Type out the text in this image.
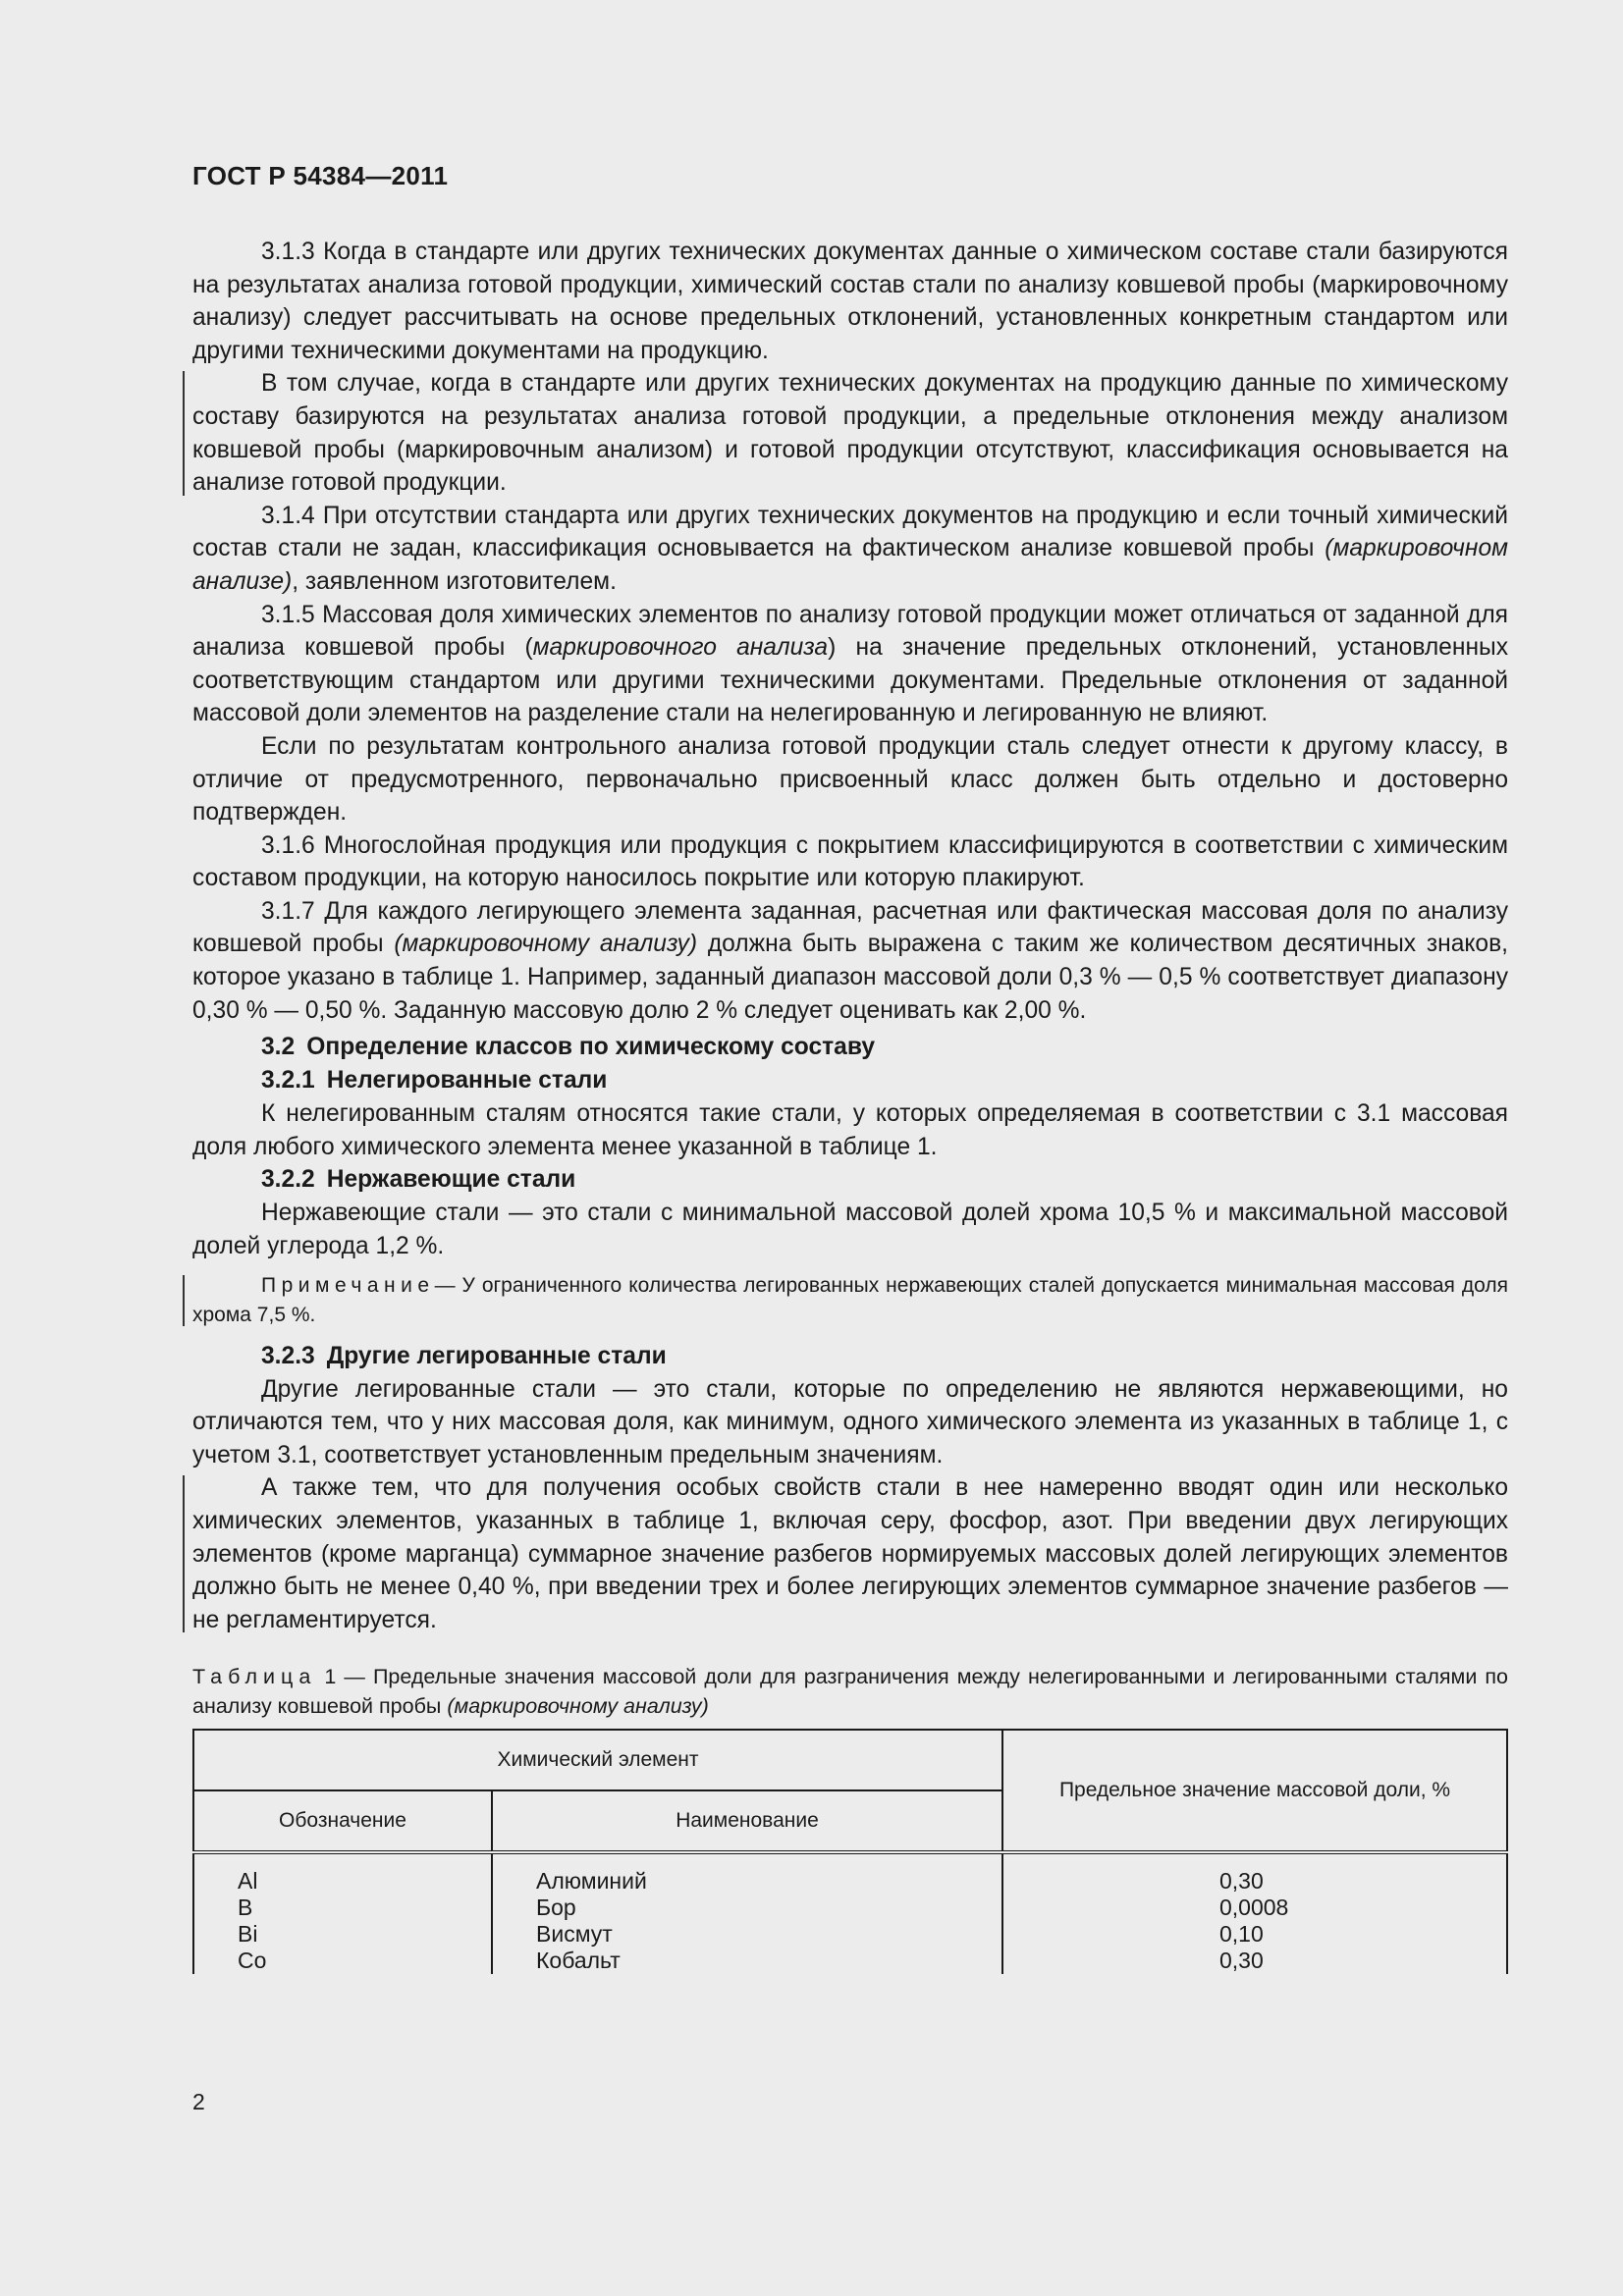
ГОСТ Р 54384—2011

3.1.3 Когда в стандарте или других технических документах данные о химическом составе стали базируются на результатах анализа готовой продукции, химический состав стали по анализу ковшевой пробы (маркировочному анализу) следует рассчитывать на основе предельных отклонений, установленных конкретным стандартом или другими техническими документами на продукцию.

В том случае, когда в стандарте или других технических документах на продукцию данные по химическому составу базируются на результатах анализа готовой продукции, а предельные отклонения между анализом ковшевой пробы (маркировочным анализом) и готовой продукции отсутствуют, классификация основывается на анализе готовой продукции.

3.1.4 При отсутствии стандарта или других технических документов на продукцию и если точный химический состав стали не задан, классификация основывается на фактическом анализе ковшевой пробы (маркировочном анализе), заявленном изготовителем.

3.1.5 Массовая доля химических элементов по анализу готовой продукции может отличаться от заданной для анализа ковшевой пробы (маркировочного анализа) на значение предельных отклонений, установленных соответствующим стандартом или другими техническими документами. Предельные отклонения от заданной массовой доли элементов на разделение стали на нелегированную и легированную не влияют.

Если по результатам контрольного анализа готовой продукции сталь следует отнести к другому классу, в отличие от предусмотренного, первоначально присвоенный класс должен быть отдельно и достоверно подтвержден.

3.1.6 Многослойная продукция или продукция с покрытием классифицируются в соответствии с химическим составом продукции, на которую наносилось покрытие или которую плакируют.

3.1.7 Для каждого легирующего элемента заданная, расчетная или фактическая массовая доля по анализу ковшевой пробы (маркировочному анализу) должна быть выражена с таким же количеством десятичных знаков, которое указано в таблице 1. Например, заданный диапазон массовой доли 0,3 % — 0,5 % соответствует диапазону 0,30 % — 0,50 %. Заданную массовую долю 2 % следует оценивать как 2,00 %.

3.2 Определение классов по химическому составу
3.2.1 Нелегированные стали

К нелегированным сталям относятся такие стали, у которых определяемая в соответствии с 3.1 массовая доля любого химического элемента менее указанной в таблице 1.

3.2.2 Нержавеющие стали

Нержавеющие стали — это стали с минимальной массовой долей хрома 10,5 % и максимальной массовой долей углерода 1,2 %.

Примечание— У ограниченного количества легированных нержавеющих сталей допускается минимальная массовая доля хрома 7,5 %.
3.2.3 Другие легированные стали

Другие легированные стали — это стали, которые по определению не являются нержавеющими, но отличаются тем, что у них массовая доля, как минимум, одного химического элемента из указанных в таблице 1, с учетом 3.1, соответствует установленным предельным значениям.

А также тем, что для получения особых свойств стали в нее намеренно вводят один или несколько химических элементов, указанных в таблице 1, включая серу, фосфор, азот. При введении двух легирующих элементов (кроме марганца) суммарное значение разбегов нормируемых массовых долей легирующих элементов должно быть не менее 0,40 %, при введении трех и более легирующих элементов суммарное значение разбегов — не регламентируется.

Таблица 1 — Предельные значения массовой доли для разграничения между нелегированными и легированными сталями по анализу ковшевой пробы (маркировочному анализу)
Химический элемент		Предельное значение массовой доли, %
Обозначение	Наименование	
Al	Алюминий	0,30
B	Бор	0,0008
Bi	Висмут	0,10
Co	Кобальт	0,30
2
